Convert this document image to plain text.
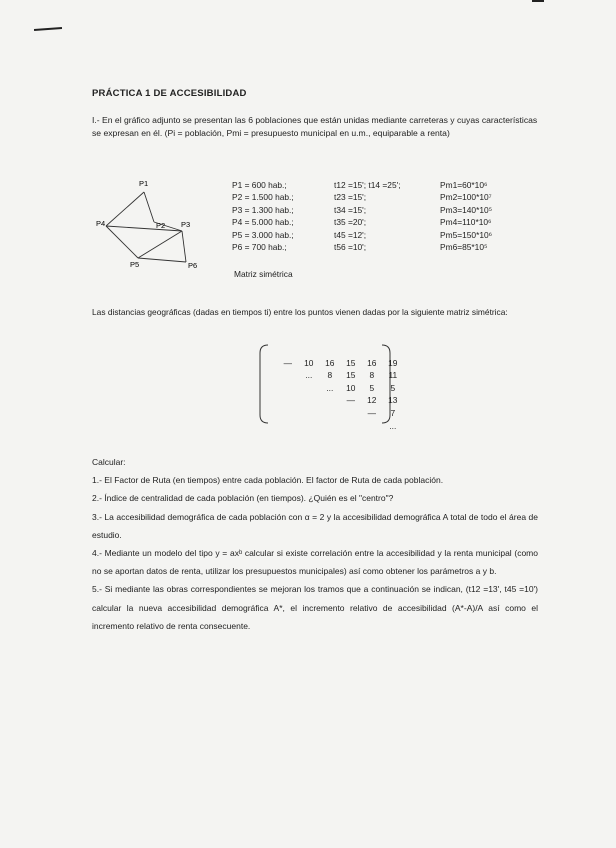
PRÁCTICA 1 DE ACCESIBILIDAD
I.- En el gráfico adjunto se presentan las 6 poblaciones que están unidas mediante carreteras y cuyas características se expresan en él. (Pi = población, Pmi = presupuesto municipal en u.m., equiparable a renta)
P1
P2 P3
P4
P5	P6
P1 = 600 hab.;
P2 = 1.500 hab.;
P3 = 1.300 hab.;
P4 = 5.000 hab.;
P5 = 3.000 hab.;
P6 = 700 hab.;
t12 =15'; t14 =25';
t23 =15';
t34 =15';
t35 =20';
t45 =12';
t56 =10';
Pm1=60*10⁶
Pm2=100*10⁷
Pm3=140*10⁵
Pm4=110*10⁶
Pm5=150*10⁶
Pm6=85*10⁵
Matriz simétrica
Las distancias geográficas (dadas en tiempos ti) entre los puntos vienen dadas por la siguiente matriz simétrica:

— 10 16 15 16 19

... 8 15 8 11

... 10 5 5

— 12 13

— 7

...

Calcular:
1.- El Factor de Ruta (en tiempos) entre cada población. El factor de Ruta de cada población.
2.- Índice de centralidad de cada población (en tiempos). ¿Quién es el "centro"?
3.- La accesibilidad demográfica de cada población con α = 2 y la accesibilidad demográfica A total de todo el área de estudio.
4.- Mediante un modelo del tipo y = axᵇ calcular si existe correlación entre la accesibilidad y la renta municipal (como no se aportan datos de renta, utilizar los presupuestos municipales) así como obtener los parámetros a y b.
5.- Si mediante las obras correspondientes se mejoran los tramos que a continuación se indican, (t12 =13', t45 =10') calcular la nueva accesibilidad demográfica A*, el incremento relativo de accesibilidad (A*-A)/A así como el incremento relativo de renta consecuente.
